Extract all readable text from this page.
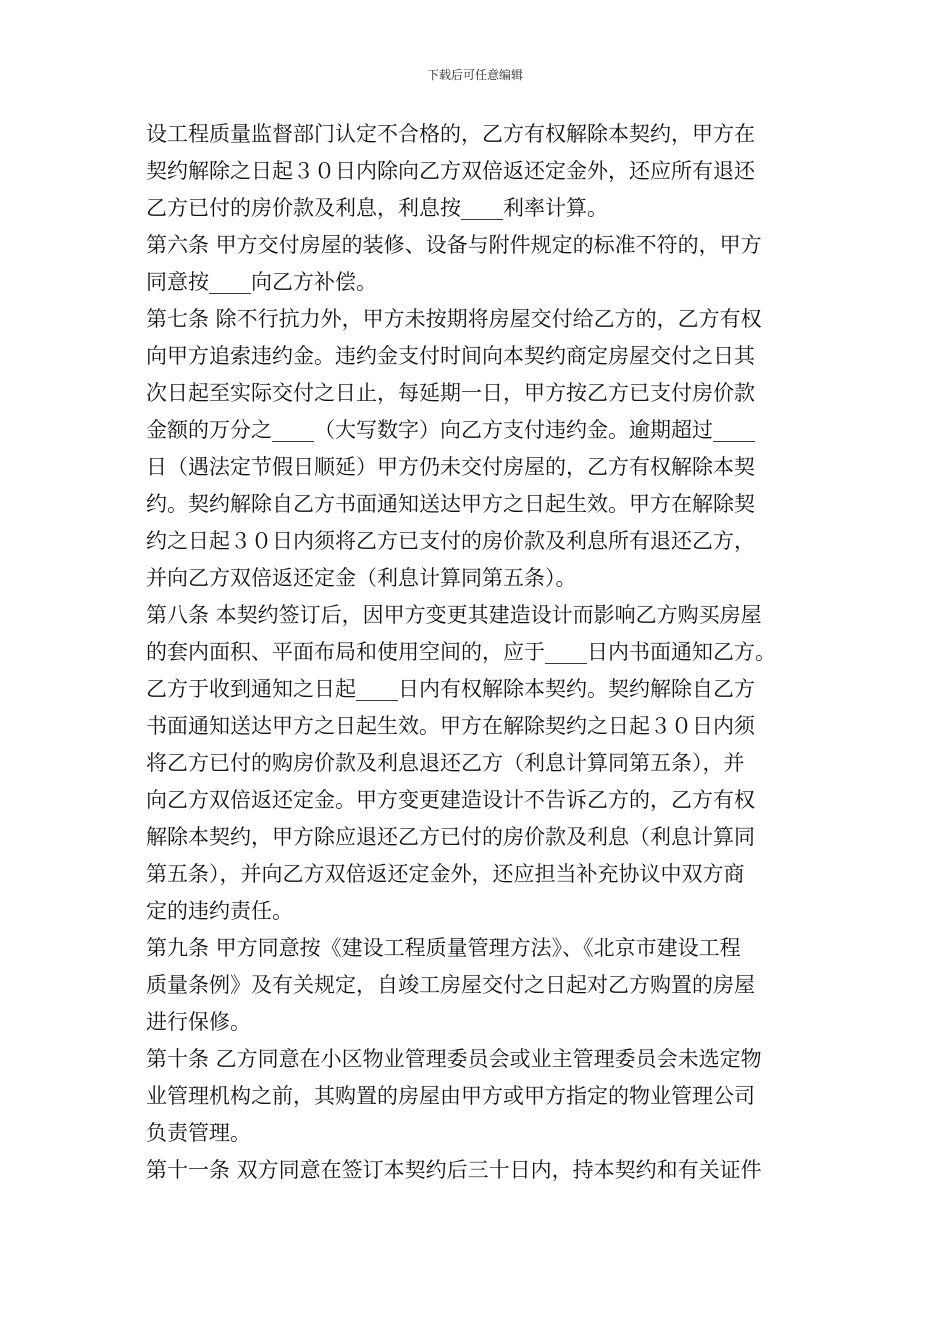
下载后可任意编辑
设工程质量监督部门认定不合格的，乙方有权解除本契约，甲方在
契约解除之日起３０日内除向乙方双倍返还定金外，还应所有退还
乙方已付的房价款及利息，利息按____利率计算。
第六条 甲方交付房屋的装修、设备与附件规定的标准不符的，甲方
同意按____向乙方补偿。
第七条 除不行抗力外，甲方未按期将房屋交付给乙方的，乙方有权
向甲方追索违约金。违约金支付时间向本契约商定房屋交付之日其
次日起至实际交付之日止，每延期一日，甲方按乙方已支付房价款
金额的万分之____（大写数字）向乙方支付违约金。逾期超过____
日（遇法定节假日顺延）甲方仍未交付房屋的，乙方有权解除本契
约。契约解除自乙方书面通知送达甲方之日起生效。甲方在解除契
约之日起３０日内须将乙方已支付的房价款及利息所有退还乙方，
并向乙方双倍返还定金（利息计算同第五条）。
第八条 本契约签订后，因甲方变更其建造设计而影响乙方购买房屋
的套内面积、平面布局和使用空间的，应于____日内书面通知乙方。
乙方于收到通知之日起____日内有权解除本契约。契约解除自乙方
书面通知送达甲方之日起生效。甲方在解除契约之日起３０日内须
将乙方已付的购房价款及利息退还乙方（利息计算同第五条），并
向乙方双倍返还定金。甲方变更建造设计不告诉乙方的，乙方有权
解除本契约，甲方除应退还乙方已付的房价款及利息（利息计算同
第五条），并向乙方双倍返还定金外，还应担当补充协议中双方商
定的违约责任。
第九条 甲方同意按《建设工程质量管理方法》、《北京市建设工程
质量条例》及有关规定，自竣工房屋交付之日起对乙方购置的房屋
进行保修。
第十条 乙方同意在小区物业管理委员会或业主管理委员会未选定物
业管理机构之前，其购置的房屋由甲方或甲方指定的物业管理公司
负责管理。
第十一条 双方同意在签订本契约后三十日内，持本契约和有关证件
